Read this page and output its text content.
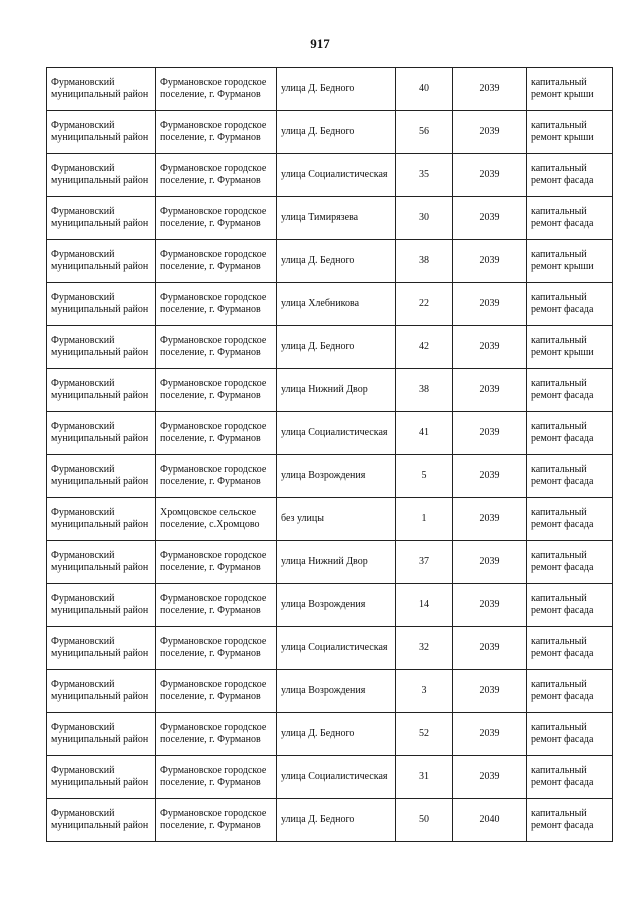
917
Фурмановский муниципальный район	Фурмановское городское поселение, г. Фурманов	улица Д. Бедного	40	2039	капитальный ремонт крыши
Фурмановский муниципальный район	Фурмановское городское поселение, г. Фурманов	улица Д. Бедного	56	2039	капитальный ремонт крыши
Фурмановский муниципальный район	Фурмановское городское поселение, г. Фурманов	улица Социалистическая	35	2039	капитальный ремонт фасада
Фурмановский муниципальный район	Фурмановское городское поселение, г. Фурманов	улица Тимирязева	30	2039	капитальный ремонт фасада
Фурмановский муниципальный район	Фурмановское городское поселение, г. Фурманов	улица Д. Бедного	38	2039	капитальный ремонт крыши
Фурмановский муниципальный район	Фурмановское городское поселение, г. Фурманов	улица Хлебникова	22	2039	капитальный ремонт фасада
Фурмановский муниципальный район	Фурмановское городское поселение, г. Фурманов	улица Д. Бедного	42	2039	капитальный ремонт крыши
Фурмановский муниципальный район	Фурмановское городское поселение, г. Фурманов	улица Нижний Двор	38	2039	капитальный ремонт фасада
Фурмановский муниципальный район	Фурмановское городское поселение, г. Фурманов	улица Социалистическая	41	2039	капитальный ремонт фасада
Фурмановский муниципальный район	Фурмановское городское поселение, г. Фурманов	улица Возрождения	5	2039	капитальный ремонт фасада
Фурмановский муниципальный район	Хромцовское сельское поселение, с.Хромцово	без улицы	1	2039	капитальный ремонт фасада
Фурмановский муниципальный район	Фурмановское городское поселение, г. Фурманов	улица Нижний Двор	37	2039	капитальный ремонт фасада
Фурмановский муниципальный район	Фурмановское городское поселение, г. Фурманов	улица Возрождения	14	2039	капитальный ремонт фасада
Фурмановский муниципальный район	Фурмановское городское поселение, г. Фурманов	улица Социалистическая	32	2039	капитальный ремонт фасада
Фурмановский муниципальный район	Фурмановское городское поселение, г. Фурманов	улица Возрождения	3	2039	капитальный ремонт фасада
Фурмановский муниципальный район	Фурмановское городское поселение, г. Фурманов	улица Д. Бедного	52	2039	капитальный ремонт фасада
Фурмановский муниципальный район	Фурмановское городское поселение, г. Фурманов	улица Социалистическая	31	2039	капитальный ремонт фасада
Фурмановский муниципальный район	Фурмановское городское поселение, г. Фурманов	улица Д. Бедного	50	2040	капитальный ремонт фасада
